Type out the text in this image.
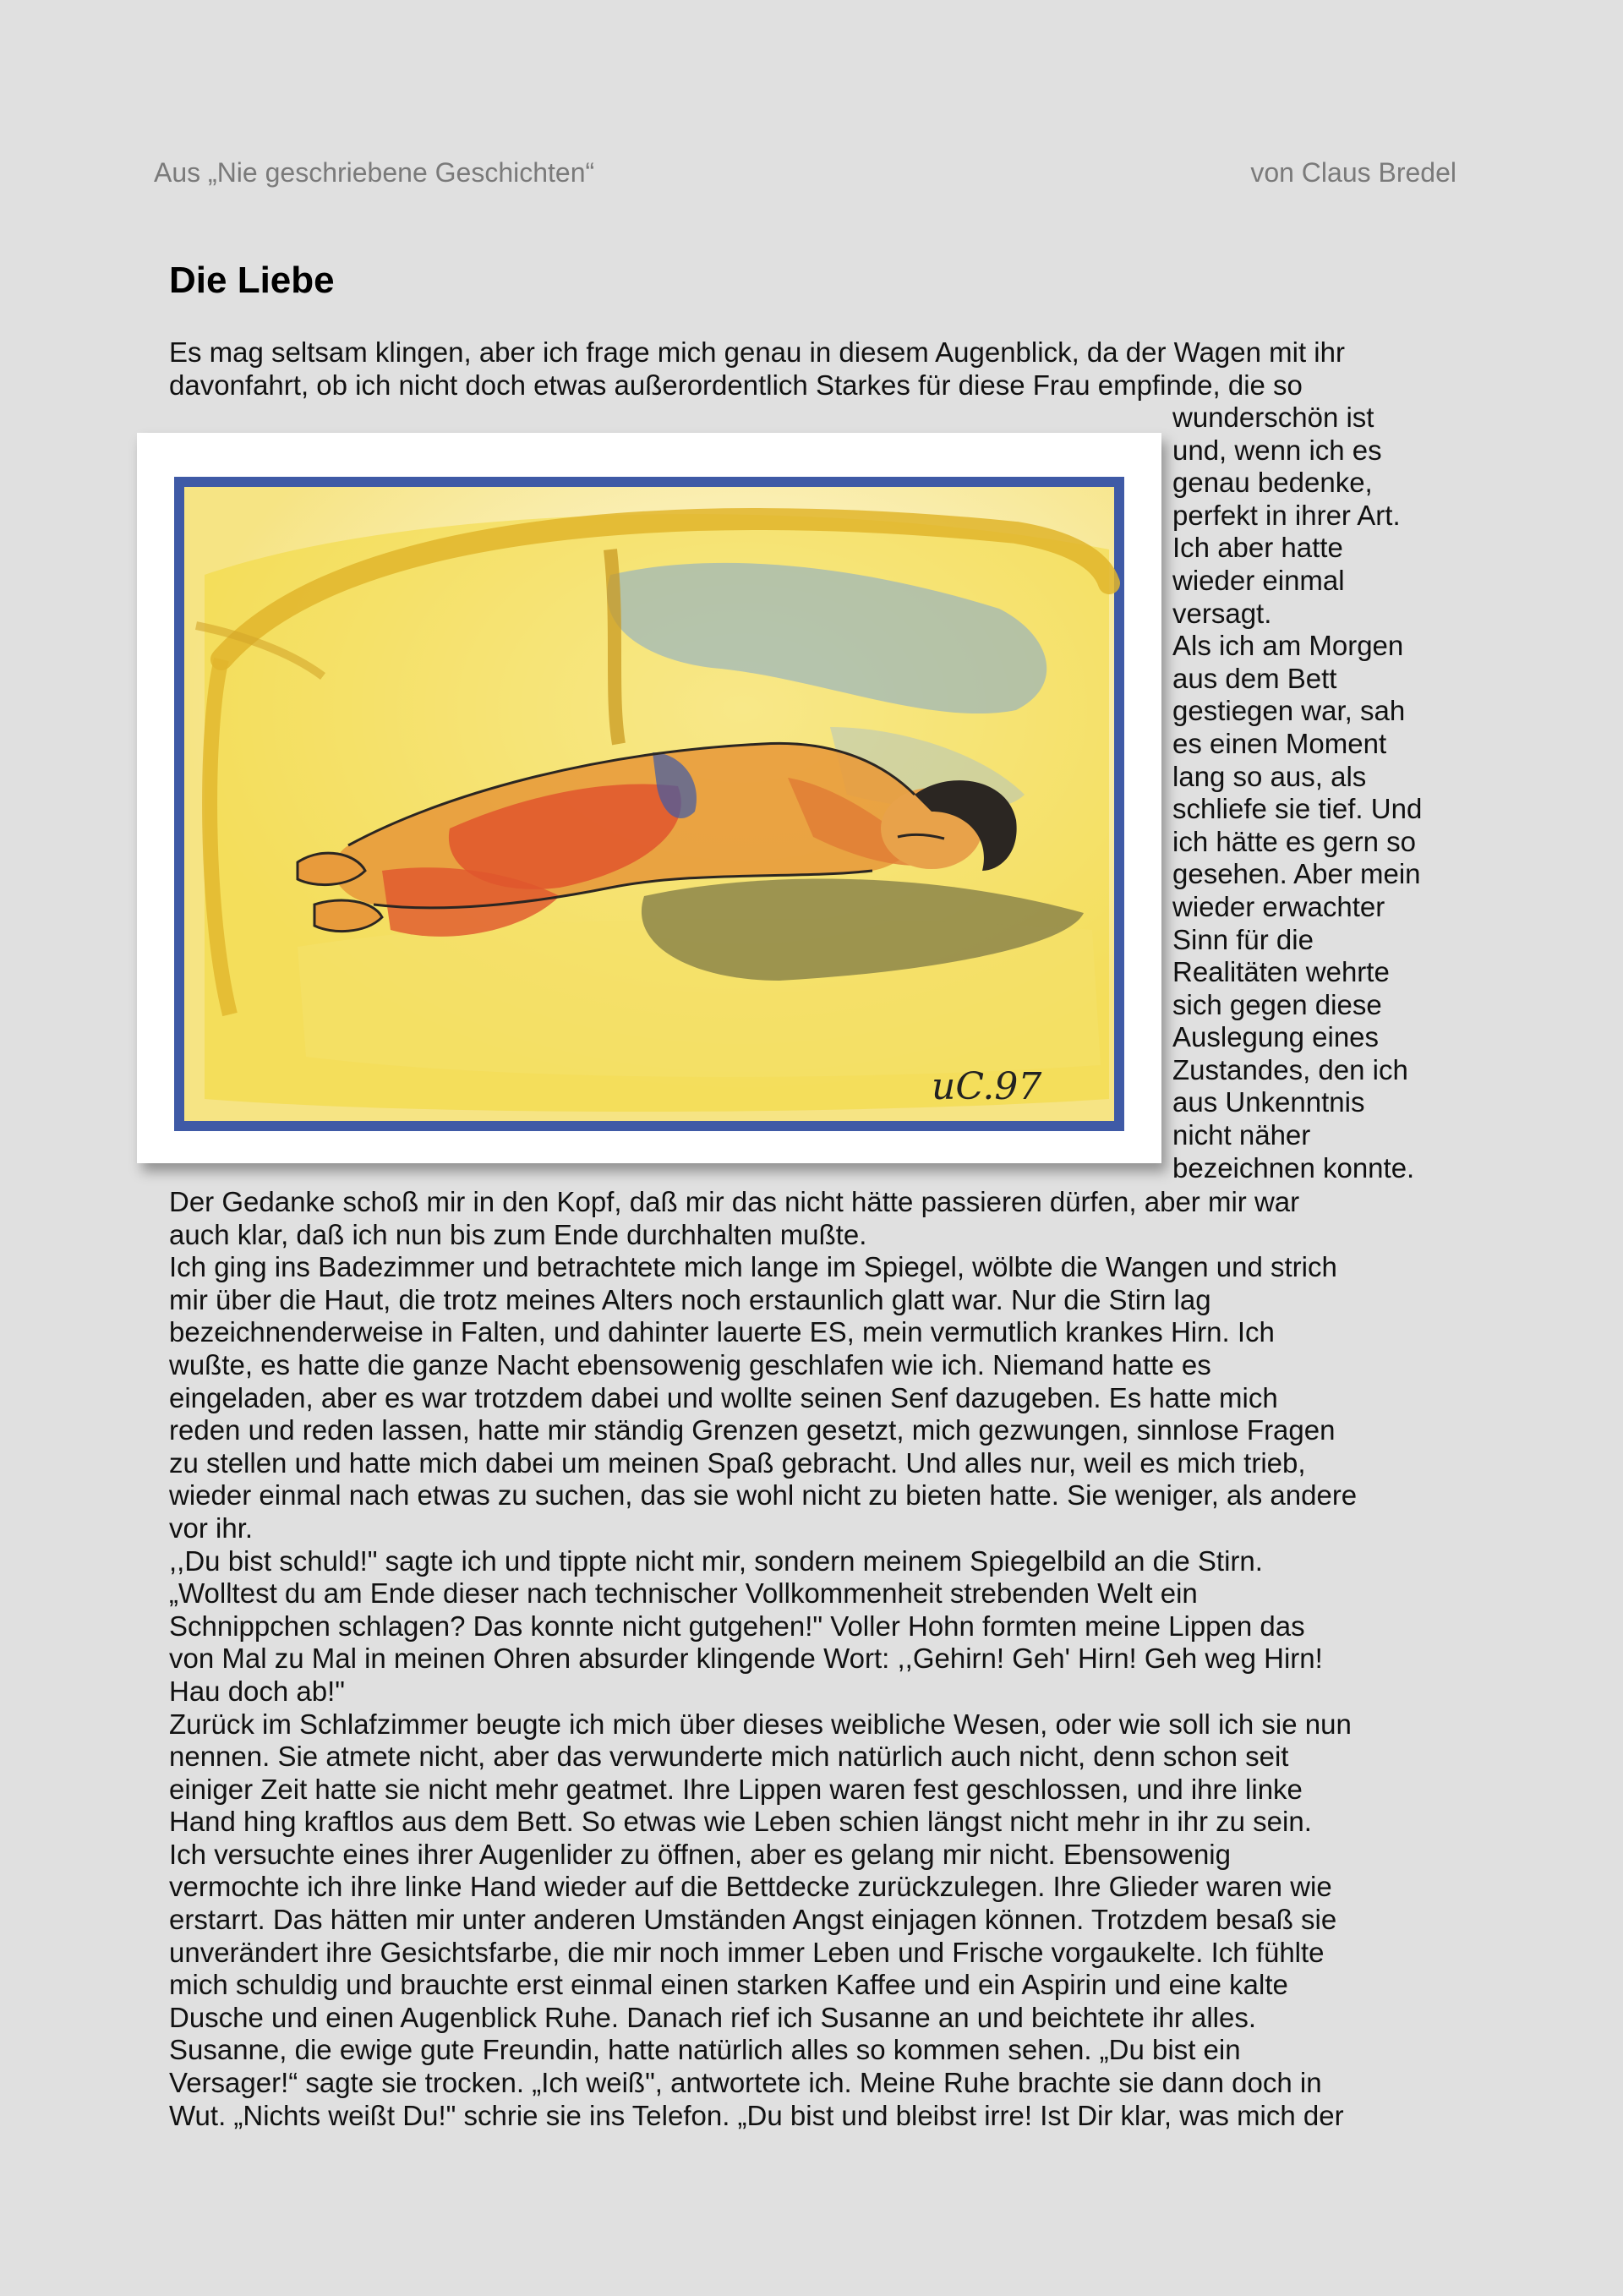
Aus „Nie geschriebene Geschichten“	von Claus Bredel
Die Liebe

Es mag seltsam klingen, aber ich frage mich genau in diesem Augenblick, da der Wagen mit ihr

davonfahrt, ob ich nicht doch etwas außerordentlich Starkes für diese Frau empfinde, die so

uC.97

wunderschön ist

und, wenn ich es

genau bedenke,

perfekt in ihrer Art.

Ich aber hatte

wieder einmal

versagt.

Als ich am Morgen

aus dem Bett

gestiegen war, sah

es einen Moment

lang so aus, als

schliefe sie tief. Und

ich hätte es gern so

gesehen. Aber mein

wieder erwachter

Sinn für die

Realitäten wehrte

sich gegen diese

Auslegung eines

Zustandes, den ich

aus Unkenntnis

nicht näher

bezeichnen konnte.

Der Gedanke schoß mir in den Kopf, daß mir das nicht hätte passieren dürfen, aber mir war

auch klar, daß ich nun bis zum Ende durchhalten mußte.

Ich ging ins Badezimmer und betrachtete mich lange im Spiegel, wölbte die Wangen und strich

mir über die Haut, die trotz meines Alters noch erstaunlich glatt war. Nur die Stirn lag

bezeichnenderweise in Falten, und dahinter lauerte ES, mein vermutlich krankes Hirn. Ich

wußte, es hatte die ganze Nacht ebensowenig geschlafen wie ich. Niemand hatte es

eingeladen, aber es war trotzdem dabei und wollte seinen Senf dazugeben. Es hatte mich

reden und reden lassen, hatte mir ständig Grenzen gesetzt, mich gezwungen, sinnlose Fragen

zu stellen und hatte mich dabei um meinen Spaß gebracht. Und alles nur, weil es mich trieb,

wieder einmal nach etwas zu suchen, das sie wohl nicht zu bieten hatte. Sie weniger, als andere

vor ihr.

,,Du bist schuld!" sagte ich und tippte nicht mir, sondern meinem Spiegelbild an die Stirn.

„Wolltest du am Ende dieser nach technischer Vollkommenheit strebenden Welt ein

Schnippchen schlagen? Das konnte nicht gutgehen!" Voller Hohn formten meine Lippen das

von Mal zu Mal in meinen Ohren absurder klingende Wort: ,,Gehirn! Geh' Hirn! Geh weg Hirn!

Hau doch ab!"

Zurück im Schlafzimmer beugte ich mich über dieses weibliche Wesen, oder wie soll ich sie nun

nennen. Sie atmete nicht, aber das verwunderte mich natürlich auch nicht, denn schon seit

einiger Zeit hatte sie nicht mehr geatmet. Ihre Lippen waren fest geschlossen, und ihre linke

Hand hing kraftlos aus dem Bett. So etwas wie Leben schien längst nicht mehr in ihr zu sein.

Ich versuchte eines ihrer Augenlider zu öffnen, aber es gelang mir nicht. Ebensowenig

vermochte ich ihre linke Hand wieder auf die Bettdecke zurückzulegen. Ihre Glieder waren wie

erstarrt. Das hätten mir unter anderen Umständen Angst einjagen können. Trotzdem besaß sie

unverändert ihre Gesichtsfarbe, die mir noch immer Leben und Frische vorgaukelte. Ich fühlte

mich schuldig und brauchte erst einmal einen starken Kaffee und ein Aspirin und eine kalte

Dusche und einen Augenblick Ruhe. Danach rief ich Susanne an und beichtete ihr alles.

Susanne, die ewige gute Freundin, hatte natürlich alles so kommen sehen. „Du bist ein

Versager!“ sagte sie trocken. „Ich weiß", antwortete ich. Meine Ruhe brachte sie dann doch in

Wut. „Nichts weißt Du!" schrie sie ins Telefon. „Du bist und bleibst irre! Ist Dir klar, was mich der
